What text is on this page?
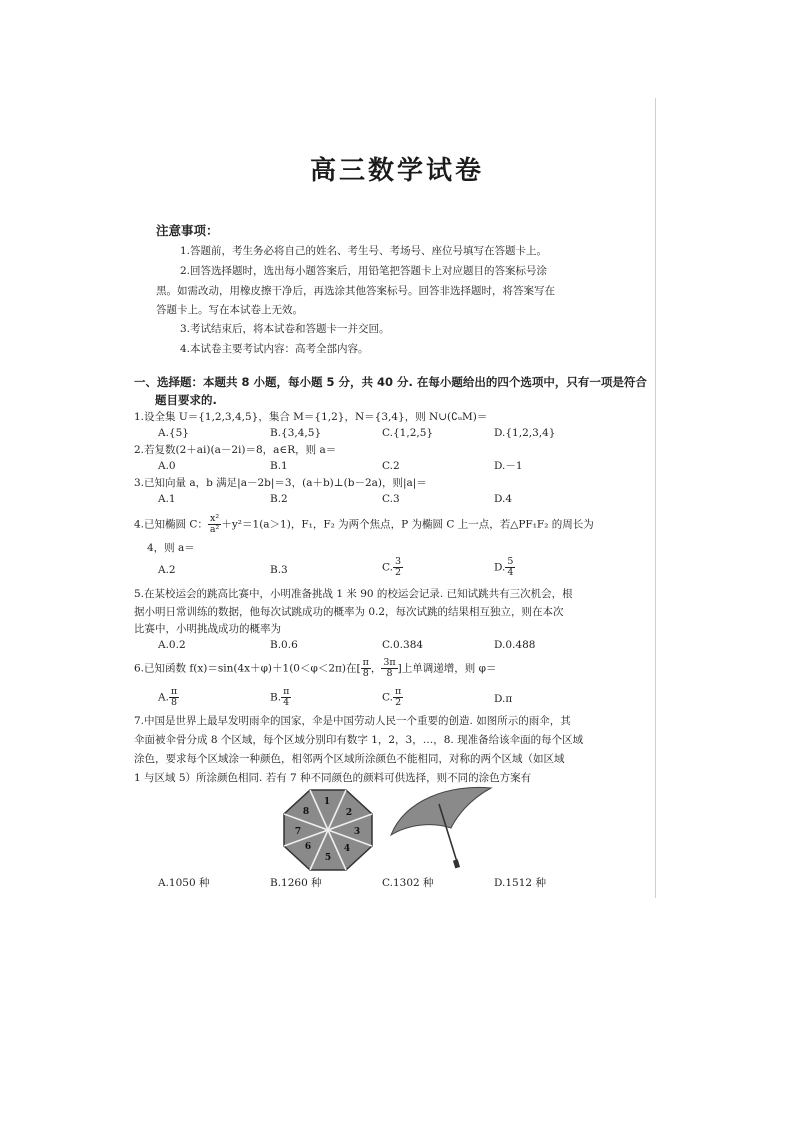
高三数学试卷
注意事项：
1.答题前，考生务必将自己的姓名、考生号、考场号、座位号填写在答题卡上。
2.回答选择题时，选出每小题答案后，用铅笔把答题卡上对应题目的答案标号涂
黑。如需改动，用橡皮擦干净后，再选涂其他答案标号。回答非选择题时，将答案写在
答题卡上。写在本试卷上无效。
3.考试结束后，将本试卷和答题卡一并交回。
4.本试卷主要考试内容：高考全部内容。
一、选择题：本题共 8 小题，每小题 5 分，共 40 分. 在每小题给出的四个选项中，只有一项是符合
题目要求的.
1.设全集 U＝{1,2,3,4,5}，集合 M＝{1,2}，N＝{3,4}，则 N∪(∁ᵤM)＝
A.{5}	B.{3,4,5}	C.{1,2,5}	D.{1,2,3,4}
2.若复数(2＋ai)(a－2i)＝8，a∈R，则 a＝
A.0	B.1	C.2	D.－1
3.已知向量 a，b 满足|a－2b|＝3，(a＋b)⊥(b－2a)，则|a|＝
A.1	B.2	C.3	D.4
4.已知椭圆 C： $\frac{\text{x²}}{\text{a²}} +y^2=1(a>1)$，F₁，F₂ 为两个焦点，P 为椭圆 C 上一点，若△PF₁F₂ 的周长为
4，则 a＝
A.2	B.3	C. $\frac{3}{2}$	D. $\frac{5}{4}$
5.在某校运会的跳高比赛中，小明准备挑战 1 米 90 的校运会记录. 已知试跳共有三次机会，根
据小明日常训练的数据，他每次试跳成功的概率为 0.2，每次试跳的结果相互独立，则在本次
比赛中，小明挑战成功的概率为
A.0.2	B.0.6	C.0.384	D.0.488
6.已知函数 f(x)＝sin(4x＋φ)＋1(0＜φ＜2π)在[ $\frac{\pi}{8}$ ， $\frac{3\pi}{8}$ ]上单调递增，则 φ＝
A. $\frac{\pi}{8}$	B. $\frac{\pi}{4}$	C. $\frac{\pi}{2}$	D.π
7.中国是世界上最早发明雨伞的国家，伞是中国劳动人民一个重要的创造. 如图所示的雨伞，其
伞面被伞骨分成 8 个区域，每个区域分别印有数字 1，2，3，…，8. 现准备给该伞面的每个区域
涂色，要求每个区域涂一种颜色，相邻两个区域所涂颜色不能相同，对称的两个区域（如区域
1 与区域 5）所涂颜色相同. 若有 7 种不同颜色的颜料可供选择，则不同的涂色方案有
1
2
3
4
5
6
7
8
A.1050 种	B.1260 种	C.1302 种	D.1512 种
